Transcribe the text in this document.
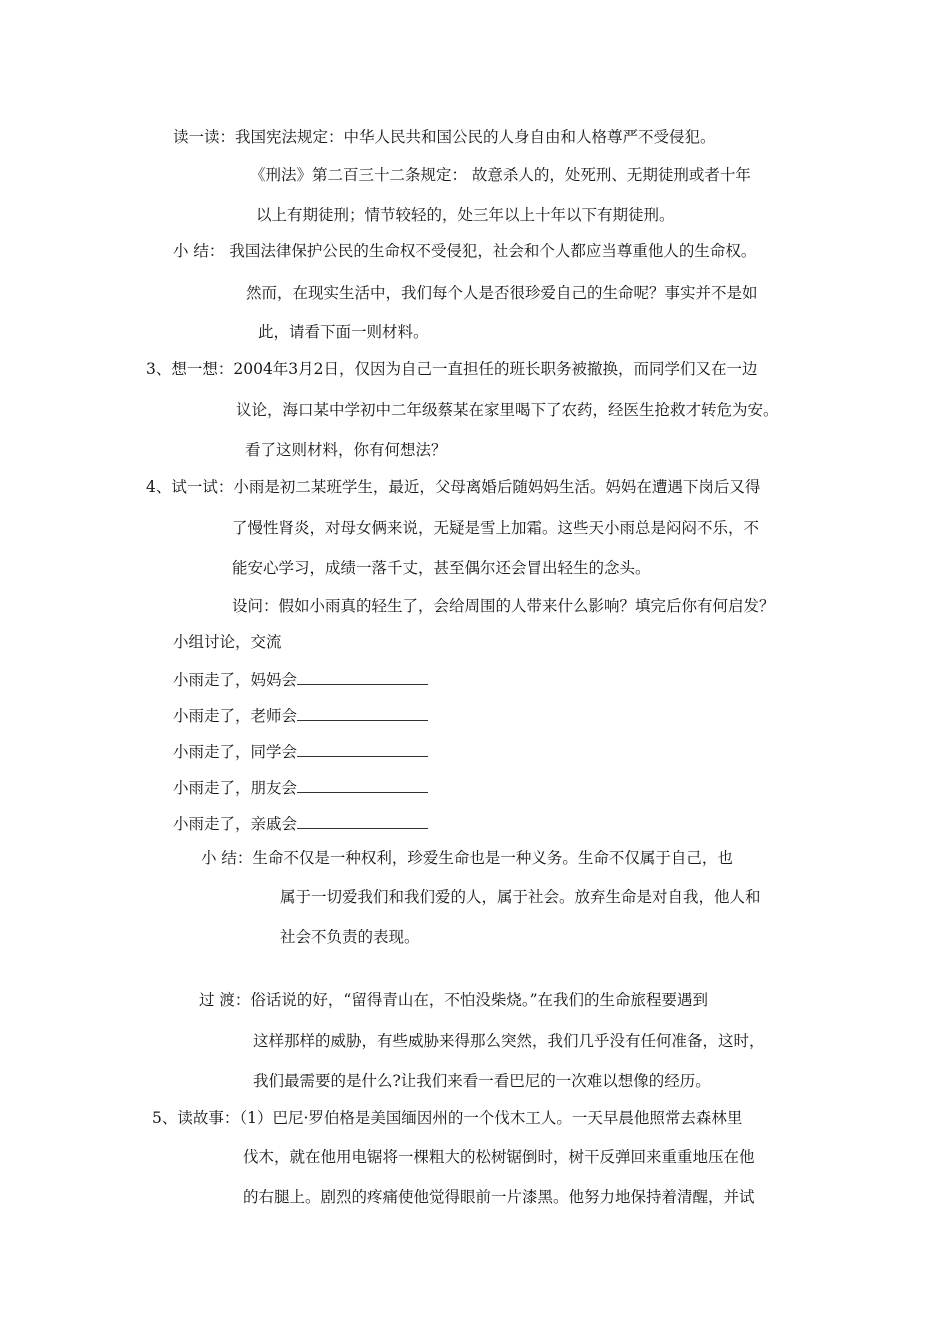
读一读：我国宪法规定：中华人民共和国公民的人身自由和人格尊严不受侵犯。
《刑法》第二百三十二条规定： 故意杀人的，处死刑、无期徒刑或者十年
以上有期徒刑；情节较轻的，处三年以上十年以下有期徒刑。
小 结： 我国法律保护公民的生命权不受侵犯，社会和个人都应当尊重他人的生命权。
然而，在现实生活中，我们每个人是否很珍爱自己的生命呢？事实并不是如
此，请看下面一则材料。
3、想一想：2004年3月2日，仅因为自己一直担任的班长职务被撤换，而同学们又在一边
议论，海口某中学初中二年级蔡某在家里喝下了农药，经医生抢救才转危为安。
看了这则材料，你有何想法？
4、试一试：小雨是初二某班学生，最近，父母离婚后随妈妈生活。妈妈在遭遇下岗后又得
了慢性肾炎，对母女俩来说，无疑是雪上加霜。这些天小雨总是闷闷不乐，不
能安心学习，成绩一落千丈，甚至偶尔还会冒出轻生的念头。
设问：假如小雨真的轻生了，会给周围的人带来什么影响？填完后你有何启发？
小组讨论，交流
小雨走了，妈妈会
小雨走了，老师会
小雨走了，同学会
小雨走了，朋友会
小雨走了，亲戚会
小 结：生命不仅是一种权利，珍爱生命也是一种义务。生命不仅属于自己，也
属于一切爱我们和我们爱的人，属于社会。放弃生命是对自我，他人和
社会不负责的表现。
过 渡：俗话说的好，“留得青山在，不怕没柴烧。”在我们的生命旅程要遇到
这样那样的威胁，有些威胁来得那么突然，我们几乎没有任何准备，这时，
我们最需要的是什么?让我们来看一看巴尼的一次难以想像的经历。
5、读故事：（1）巴尼·罗伯格是美国缅因州的一个伐木工人。一天早晨他照常去森林里
伐木，就在他用电锯将一棵粗大的松树锯倒时，树干反弹回来重重地压在他
的右腿上。剧烈的疼痛使他觉得眼前一片漆黑。他努力地保持着清醒，并试
